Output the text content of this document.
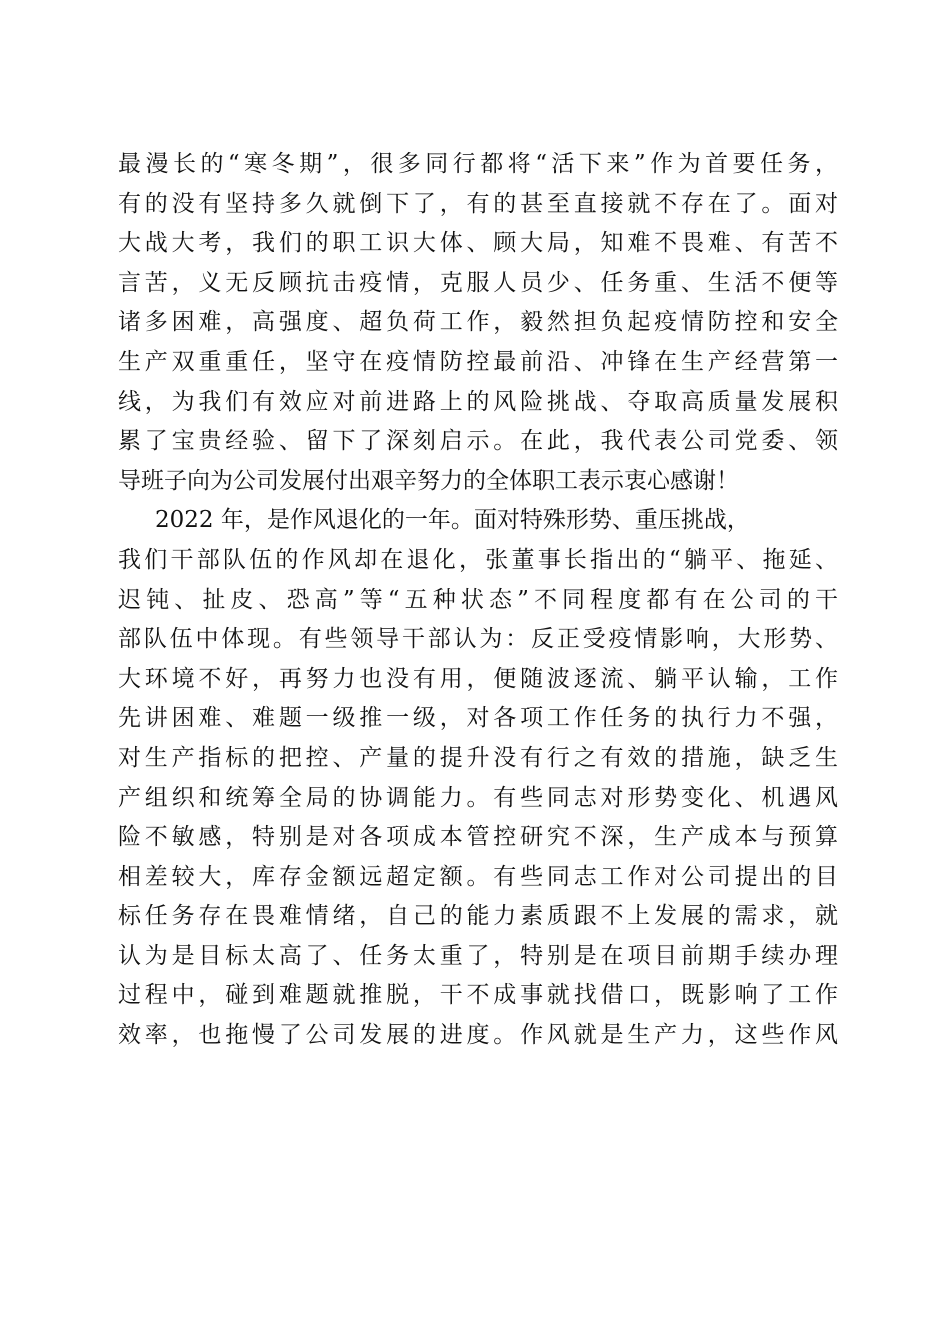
最漫长的“寒冬期”，很多同行都将“活下来”作为首要任务，
有的没有坚持多久就倒下了，有的甚至直接就不存在了。面对
大战大考，我们的职工识大体、顾大局，知难不畏难、有苦不
言苦，义无反顾抗击疫情，克服人员少、任务重、生活不便等
诸多困难，高强度、超负荷工作，毅然担负起疫情防控和安全
生产双重重任，坚守在疫情防控最前沿、冲锋在生产经营第一
线，为我们有效应对前进路上的风险挑战、夺取高质量发展积
累了宝贵经验、留下了深刻启示。在此，我代表公司党委、领
导班子向为公司发展付出艰辛努力的全体职工表示衷心感谢！
2022 年，是作风退化的一年。面对特殊形势、重压挑战，
我们干部队伍的作风却在退化，张董事长指出的“躺平、拖延、
迟钝、扯皮、恐高”等“五种状态”不同程度都有在公司的干
部队伍中体现。有些领导干部认为：反正受疫情影响，大形势、
大环境不好，再努力也没有用，便随波逐流、躺平认输，工作
先讲困难、难题一级推一级，对各项工作任务的执行力不强，
对生产指标的把控、产量的提升没有行之有效的措施，缺乏生
产组织和统筹全局的协调能力。有些同志对形势变化、机遇风
险不敏感，特别是对各项成本管控研究不深，生产成本与预算
相差较大，库存金额远超定额。有些同志工作对公司提出的目
标任务存在畏难情绪，自己的能力素质跟不上发展的需求，就
认为是目标太高了、任务太重了，特别是在项目前期手续办理
过程中，碰到难题就推脱，干不成事就找借口，既影响了工作
效率，也拖慢了公司发展的进度。作风就是生产力，这些作风
